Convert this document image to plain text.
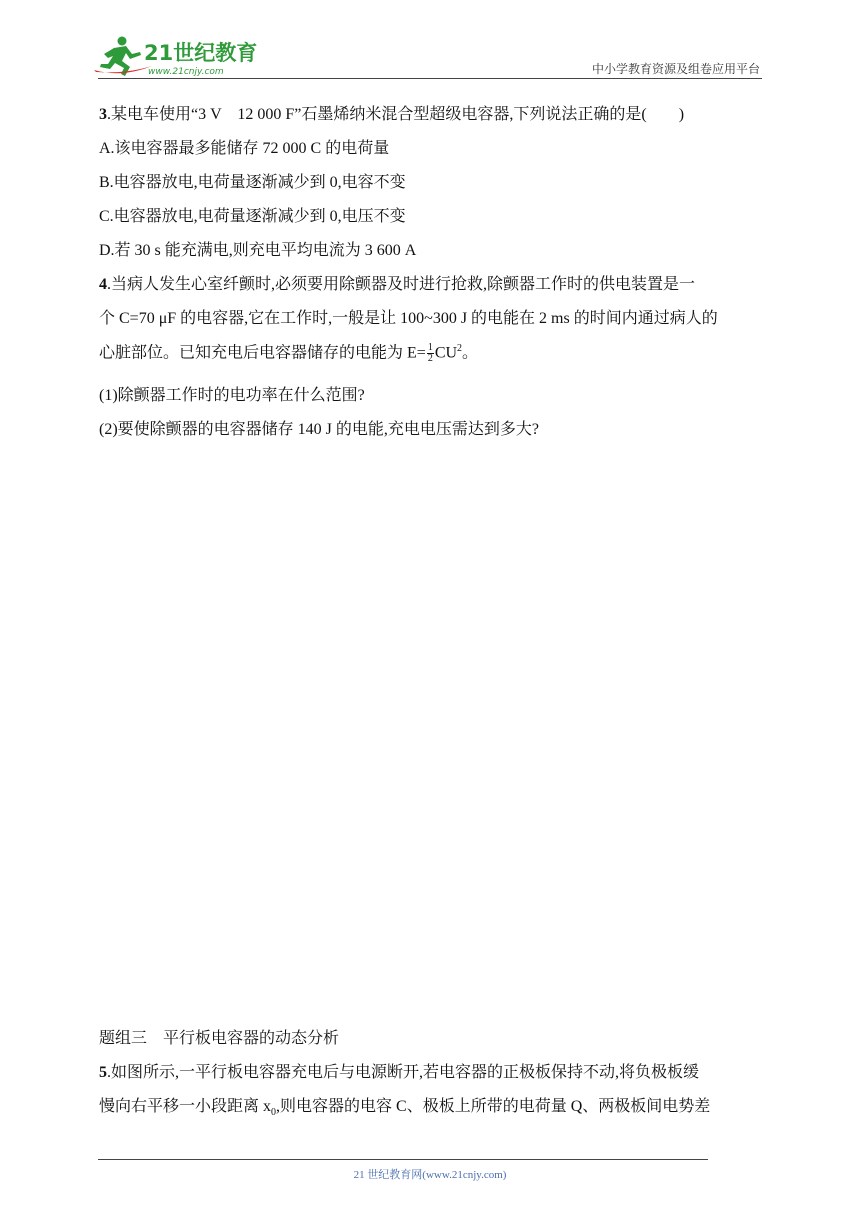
21世纪教育
www.21cnjy.com	中小学教育资源及组卷应用平台
3.某电车使用“3 V　12 000 F”石墨烯纳米混合型超级电容器,下列说法正确的是(　　)
A.该电容器最多能储存 72 000 C 的电荷量
B.电容器放电,电荷量逐渐减少到 0,电容不变
C.电容器放电,电荷量逐渐减少到 0,电压不变
D.若 30 s 能充满电,则充电平均电流为 3 600 A
4.当病人发生心室纤颤时,必须要用除颤器及时进行抢救,除颤器工作时的供电装置是一
个 C=70 μF 的电容器,它在工作时,一般是让 100~300 J 的电能在 2 ms 的时间内通过病人的
心脏部位。已知充电后电容器储存的电能为 $E= \frac{1}{2} CU^2$。
(1)除颤器工作时的电功率在什么范围?
(2)要使除颤器的电容器储存 140 J 的电能,充电电压需达到多大?
题组三　平行板电容器的动态分析
5.如图所示,一平行板电容器充电后与电源断开,若电容器的正极板保持不动,将负极板缓
慢向右平移一小段距离 $x_0$,则电容器的电容 C、极板上所带的电荷量 Q、两极板间电势差
21 世纪教育网(www.21cnjy.com)
